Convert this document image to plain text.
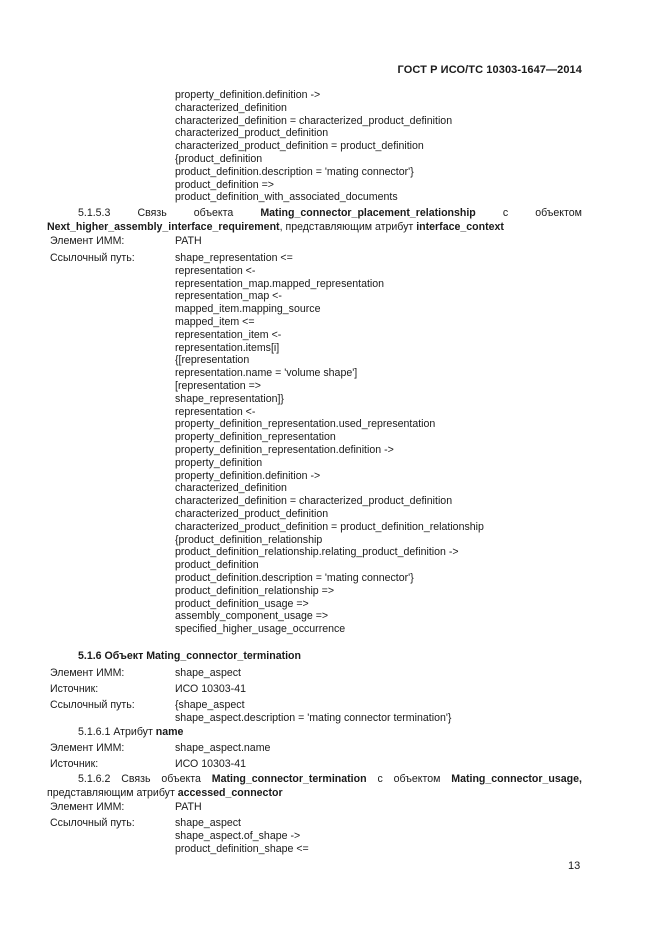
ГОСТ Р ИСО/ТС 10303-1647—2014
property_definition.definition ->
characterized_definition
characterized_definition = characterized_product_definition
characterized_product_definition
characterized_product_definition = product_definition
{product_definition
product_definition.description = 'mating connector'}
product_definition =>
product_definition_with_associated_documents
5.1.5.3	Связь	объекта	Mating_connector_placement_relationship	с	объектом
Next_higher_assembly_interface_requirement, представляющим атрибут interface_context
Элемент ИММ:	PATH
Ссылочный путь:	shape_representation <=
representation <-
representation_map.mapped_representation
representation_map <-
mapped_item.mapping_source
mapped_item <=
representation_item <-
representation.items[i]
{[representation
representation.name = 'volume shape']
[representation =>
shape_representation]}
representation <-
property_definition_representation.used_representation
property_definition_representation
property_definition_representation.definition ->
property_definition
property_definition.definition ->
characterized_definition
characterized_definition = characterized_product_definition
characterized_product_definition
characterized_product_definition = product_definition_relationship
{product_definition_relationship
product_definition_relationship.relating_product_definition ->
product_definition
product_definition.description = 'mating connector'}
product_definition_relationship =>
product_definition_usage =>
assembly_component_usage =>
specified_higher_usage_occurrence
5.1.6 Объект Mating_connector_termination
Элемент ИММ:	shape_aspect
Источник:	ИСО 10303-41
Ссылочный путь:	{shape_aspect
shape_aspect.description = 'mating connector termination'}
5.1.6.1 Атрибут name
Элемент ИММ:	shape_aspect.name
Источник:	ИСО 10303-41
5.1.6.2 Связь объекта Mating_connector_termination с объектом Mating_connector_usage,
представляющим атрибут accessed_connector
Элемент ИММ:	PATH
Ссылочный путь:	shape_aspect
shape_aspect.of_shape ->
product_definition_shape <=
13
